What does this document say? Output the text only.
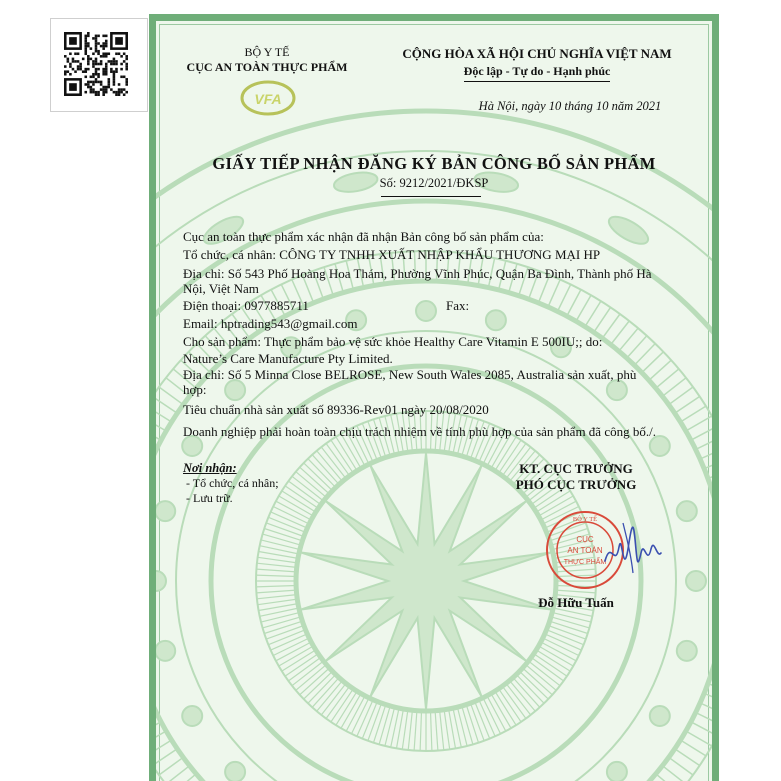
VFA
BỘ Y TẾ
CỤC AN TOÀN THỰC PHẨM
CỘNG HÒA XÃ HỘI CHỦ NGHĨA VIỆT NAM
Độc lập - Tự do - Hạnh phúc
Hà Nội, ngày 10 tháng 10 năm 2021
GIẤY TIẾP NHẬN ĐĂNG KÝ BẢN CÔNG BỐ SẢN PHẨM
Số: 9212/2021/ĐKSP
Cục an toàn thực phẩm xác nhận đã nhận Bản công bố sản phẩm của:
Tổ chức, cá nhân: CÔNG TY TNHH XUẤT NHẬP KHẨU THƯƠNG MẠI HP
Địa chỉ: Số 543 Phố Hoàng Hoa Thám, Phường Vĩnh Phúc, Quận Ba Đình, Thành phố Hà
Nội, Việt Nam
Điện thoại: 0977885711	Fax:
Email: hptrading543@gmail.com
Cho sản phẩm: Thực phẩm bảo vệ sức khỏe Healthy Care Vitamin E 500IU;; do:
Nature’s Care Manufacture Pty Limited.
Địa chỉ: Số 5 Minna Close BELROSE, New South Wales 2085, Australia sản xuất, phù
hợp:
Tiêu chuẩn nhà sản xuất số 89336-Rev01 ngày 20/08/2020
Doanh nghiệp phải hoàn toàn chịu trách nhiệm về tính phù hợp của sản phẩm đã công bố./.
Nơi nhận:
- Tổ chức, cá nhân;
- Lưu trữ.
KT. CỤC TRƯỞNG
PHÓ CỤC TRƯỞNG
BỘ Y TẾ
CỤC
AN TOÀN
THỰC PHẨM
Đỗ Hữu Tuấn
